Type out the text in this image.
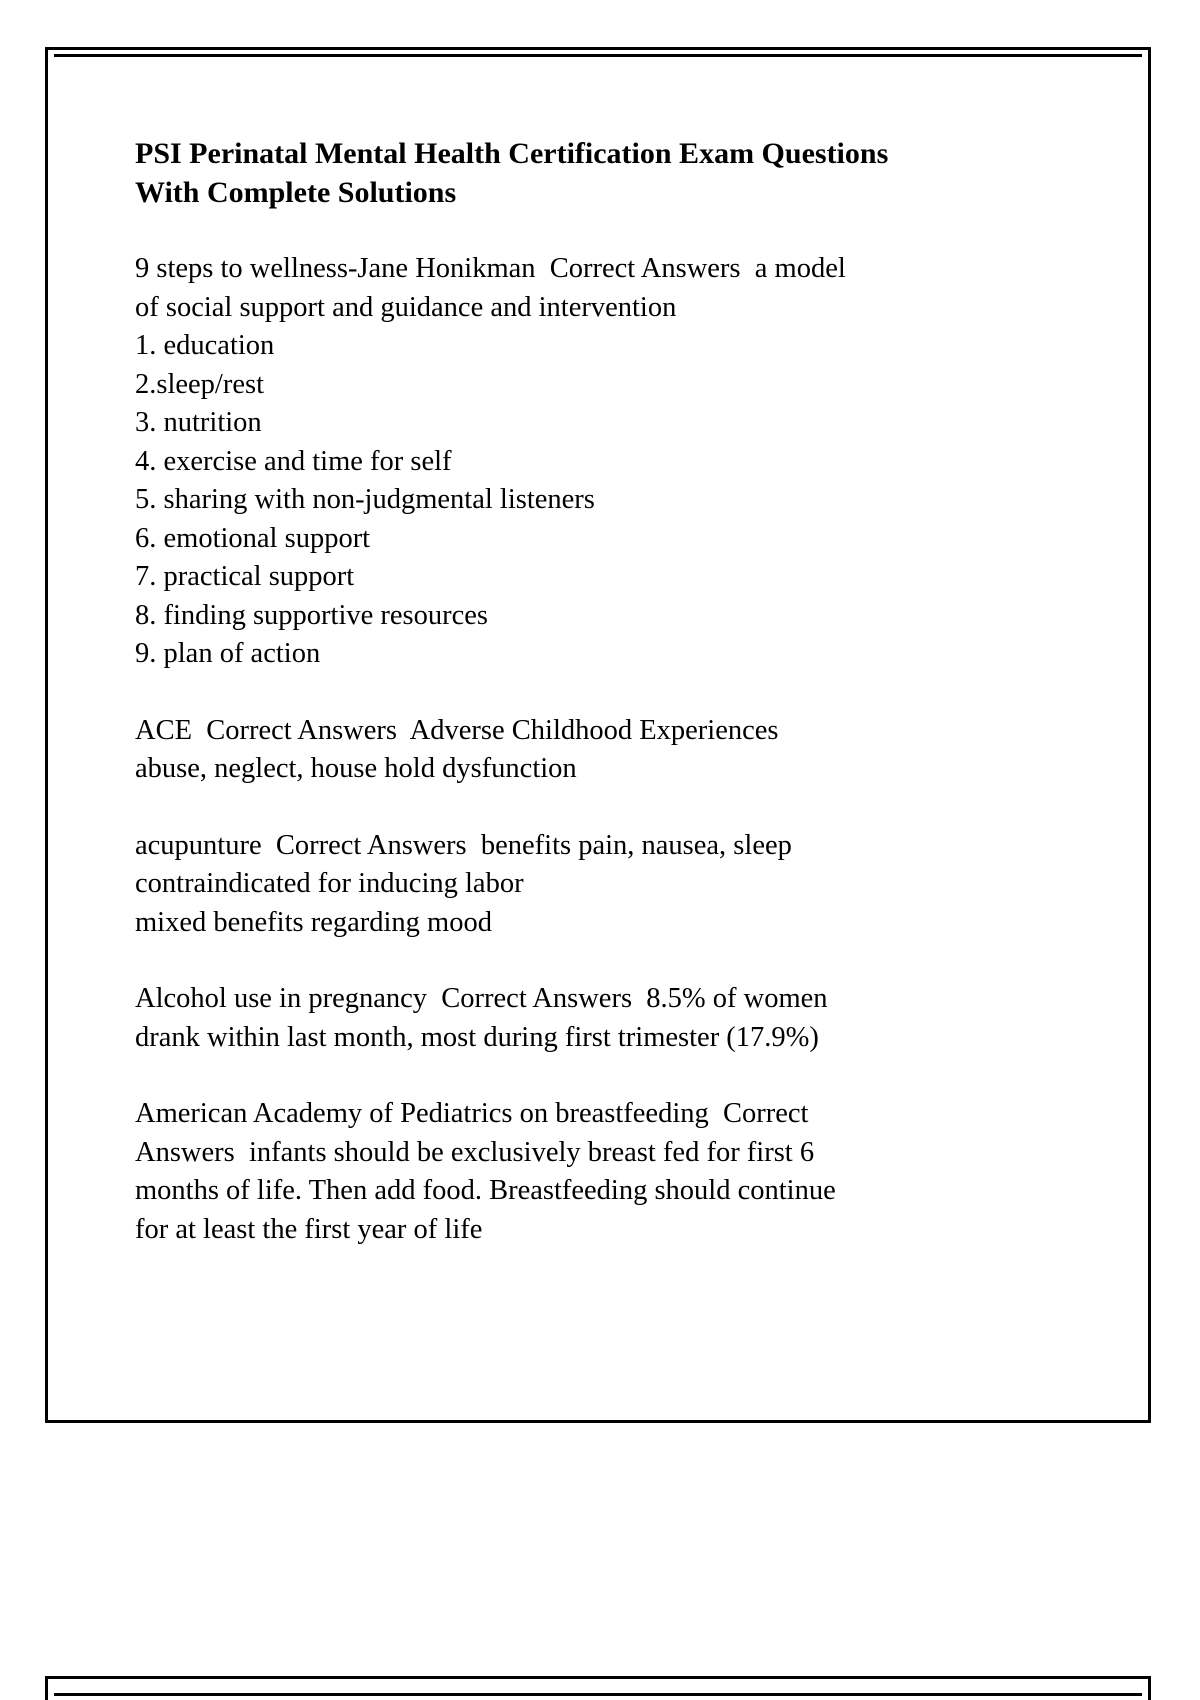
PSI Perinatal Mental Health Certification Exam Questions
With Complete Solutions
9 steps to wellness-Jane Honikman  Correct Answers  a model
of social support and guidance and intervention
1. education
2.sleep/rest
3. nutrition
4. exercise and time for self
5. sharing with non-judgmental listeners
6. emotional support
7. practical support
8. finding supportive resources
9. plan of action
ACE  Correct Answers  Adverse Childhood Experiences
abuse, neglect, house hold dysfunction
acupunture  Correct Answers  benefits pain, nausea, sleep
contraindicated for inducing labor
mixed benefits regarding mood
Alcohol use in pregnancy  Correct Answers  8.5% of women
drank within last month, most during first trimester (17.9%)
American Academy of Pediatrics on breastfeeding  Correct
Answers  infants should be exclusively breast fed for first 6
months of life. Then add food. Breastfeeding should continue
for at least the first year of life
